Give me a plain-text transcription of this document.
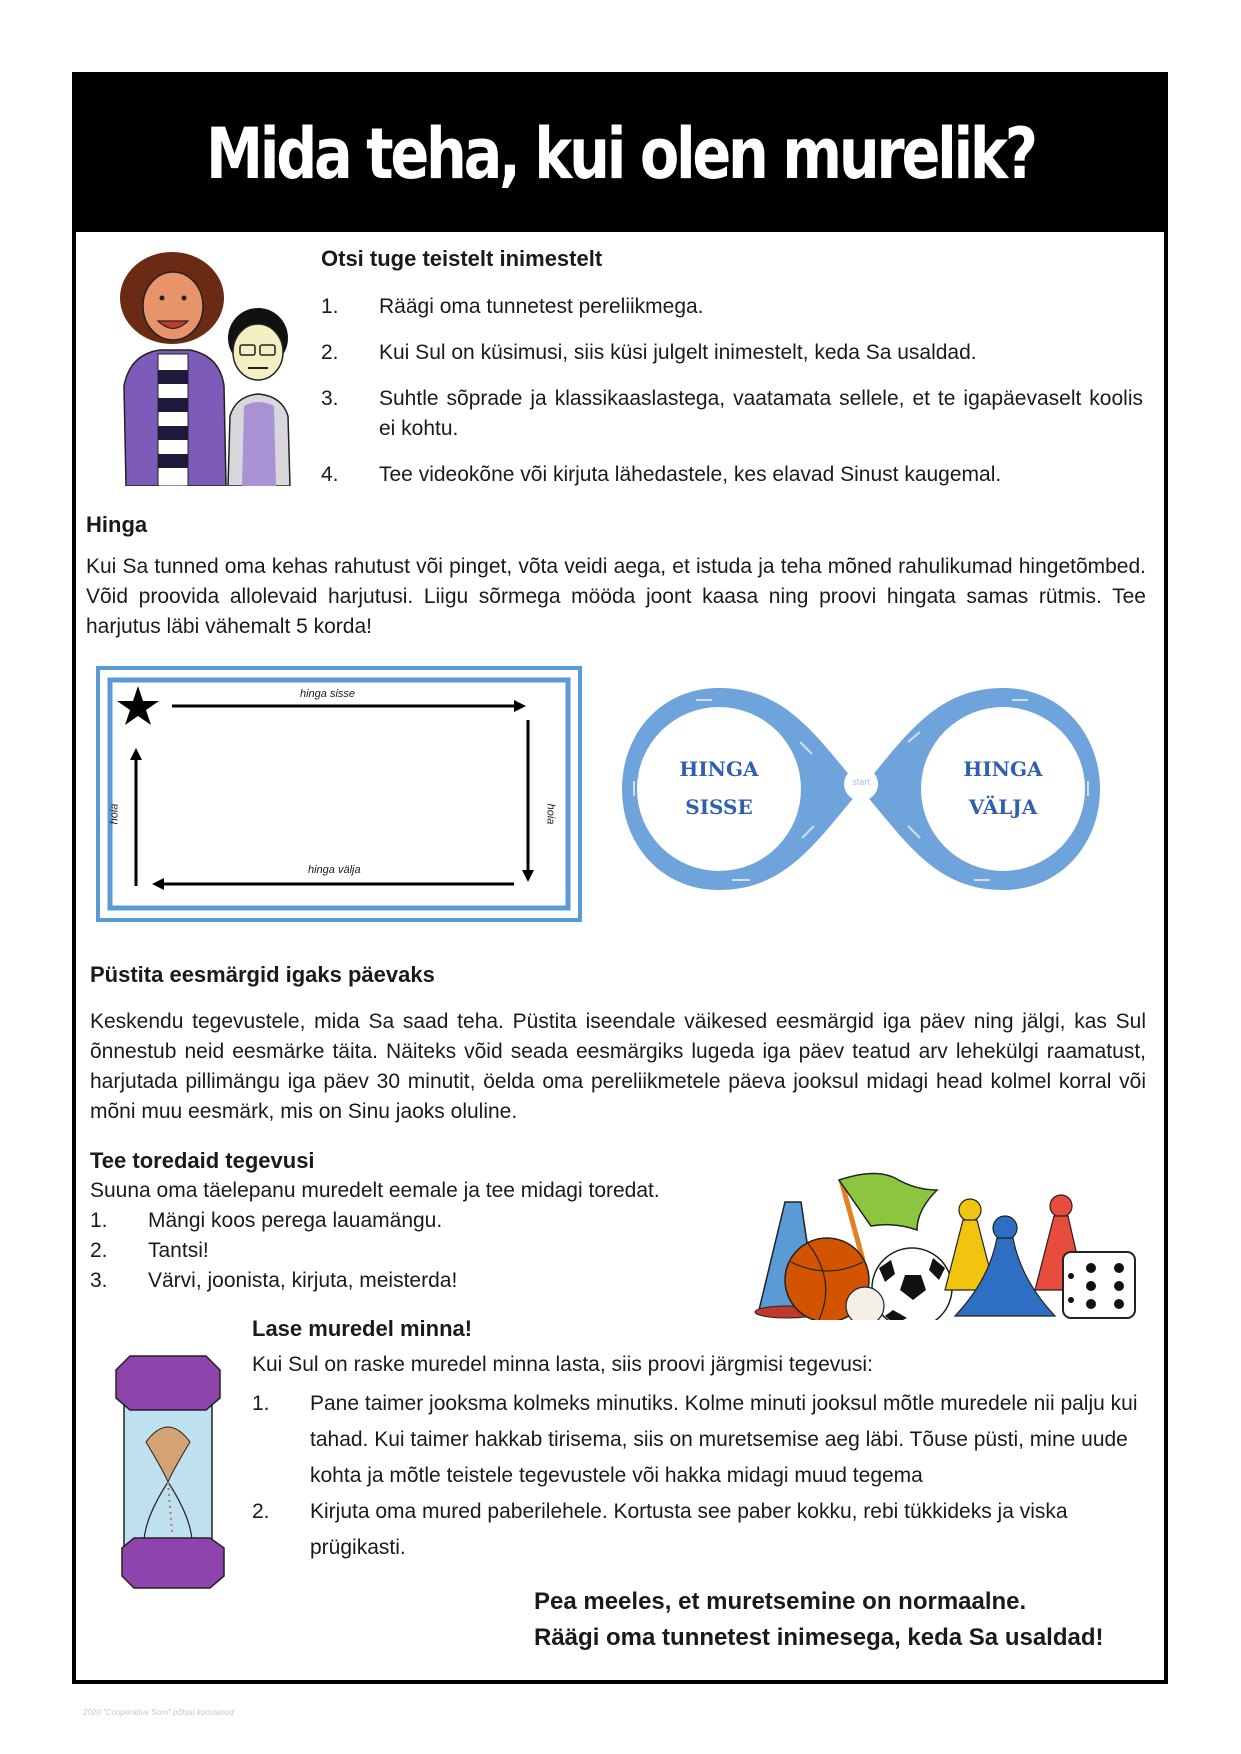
Mida teha, kui olen murelik?
Otsi tuge teistelt inimestelt
1.	Räägi oma tunnetest pereliikmega.
2.	Kui Sul on küsimusi, siis küsi julgelt inimestelt, keda Sa usaldad.
3.	Suhtle sõprade ja klassikaaslastega, vaatamata sellele, et te igapäevaselt koolis ei kohtu.
4.	Tee videokõne või kirjuta lähedastele, kes elavad Sinust kaugemal.
Hinga
Kui Sa tunned oma kehas rahutust või pinget, võta veidi aega, et istuda ja teha mõned rahulikumad hingetõmbed. Võid proovida allolevaid harjutusi. Liigu sõrmega mööda joont kaasa ning proovi hingata samas rütmis. Tee harjutus läbi vähemalt 5 korda!
hinga sisse
hinga välja
hoia	hoia
HINGA
SISSE
HINGA
VÄLJA
start
Püstita eesmärgid igaks päevaks
Keskendu tegevustele, mida Sa saad teha. Püstita iseendale väikesed eesmärgid iga päev ning jälgi, kas Sul õnnestub neid eesmärke täita. Näiteks võid seada eesmärgiks lugeda iga päev teatud arv lehekülgi raamatust, harjutada pillimängu iga päev 30 minutit, öelda oma pereliikmetele päeva jooksul midagi head kolmel korral või mõni muu eesmärk, mis on Sinu jaoks oluline.
Tee toredaid tegevusi
Suuna oma täelepanu muredelt eemale ja tee midagi toredat.
1.	Mängi koos perega lauamängu.
2.	Tantsi!
3.	Värvi, joonista, kirjuta, meisterda!
Lase muredel minna!
Kui Sul on raske muredel minna lasta, siis proovi järgmisi tegevusi:
1.	Pane taimer jooksma kolmeks minutiks. Kolme minuti jooksul mõtle muredele nii palju kui tahad. Kui taimer hakkab tirisema, siis on muretsemise aeg läbi. Tõuse püsti, mine uude kohta ja mõtle teistele tegevustele või hakka midagi muud tegema
2.	Kirjuta oma mured paberilehele. Kortusta see paber kokku, rebi tükkideks ja viska prügikasti.
Pea meeles, et muretsemine on normaalne.
Räägi oma tunnetest inimesega, keda Sa usaldad!
2020 "Cooperative Sorri" põhjal koostanud
